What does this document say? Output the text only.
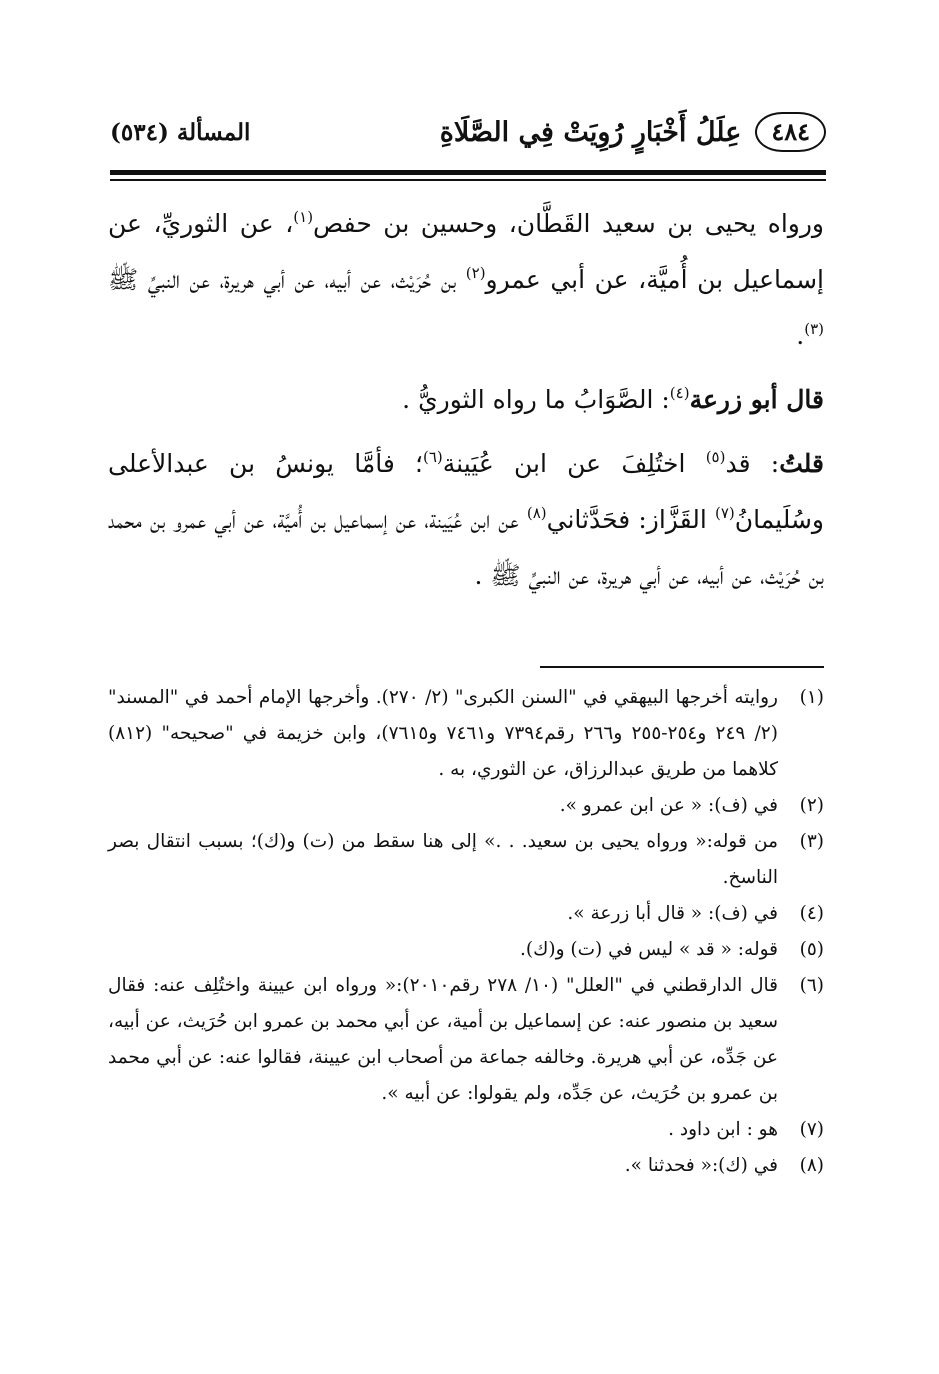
٤٨٤
عِلَلُ أَخْبَارٍ رُوِيَتْ فِي الصَّلَاةِ
المسألة (٥٣٤)

ورواه يحيى بن سعيد القَطَّان، وحسين بن حفص$^{(١)}$، عن الثوريِّ، عن إسماعيل بن أُميَّة، عن أبي عمرو$^{(٢)}$ بن حُرَيْث، عن أبيه، عن أبي هريرة، عن النبيِّ ﷺ $^{(٣)}$.

قال أبو زرعة$^{(٤)}$: الصَّوَابُ ما رواه الثوريُّ .

قلتُ: قد$^{(٥)}$ اختُلِفَ عن ابن عُيَينة$^{(٦)}$؛ فأمَّا يونسُ بن عبدالأعلى وسُلَيمانُ$^{(٧)}$ القَزَّاز: فحَدَّثاني$^{(٨)}$ عن ابن عُيَينة، عن إسماعيل بن أُميَّة، عن أبي عمرو بن محمد بن حُرَيْث، عن أبيه، عن أبي هريرة، عن النبيِّ ﷺ .

(١)
روايته أخرجها البيهقي في "السنن الكبرى" (٢/ ٢٧٠). وأخرجها الإمام أحمد في "المسند" (٢/ ٢٤٩ و٢٥٤-٢٥٥ و٢٦٦ رقم٧٣٩٤ و٧٤٦١ و٧٦١٥)، وابن خزيمة في "صحيحه" (٨١٢) كلاهما من طريق عبدالرزاق، عن الثوري، به .
(٢)
في (ف): « عن ابن عمرو ».
(٣)
من قوله:« ورواه يحيى بن سعيد. . .» إلى هنا سقط من (ت) و(ك)؛ بسبب انتقال بصر الناسخ.
(٤)
في (ف): « قال أبا زرعة ».
(٥)
قوله: « قد » ليس في (ت) و(ك).
(٦)
قال الدارقطني في "العلل" (١٠/ ٢٧٨ رقم٢٠١٠):« ورواه ابن عيينة واختُلِف عنه: فقال سعيد بن منصور عنه: عن إسماعيل بن أمية، عن أبي محمد بن عمرو ابن حُرَيث، عن أبيه، عن جَدِّه، عن أبي هريرة. وخالفه جماعة من أصحاب ابن عيينة، فقالوا عنه: عن أبي محمد بن عمرو بن حُرَيث، عن جَدِّه، ولم يقولوا: عن أبيه ».
(٧)
هو : ابن داود .
(٨)
في (ك):« فحدثنا ».
